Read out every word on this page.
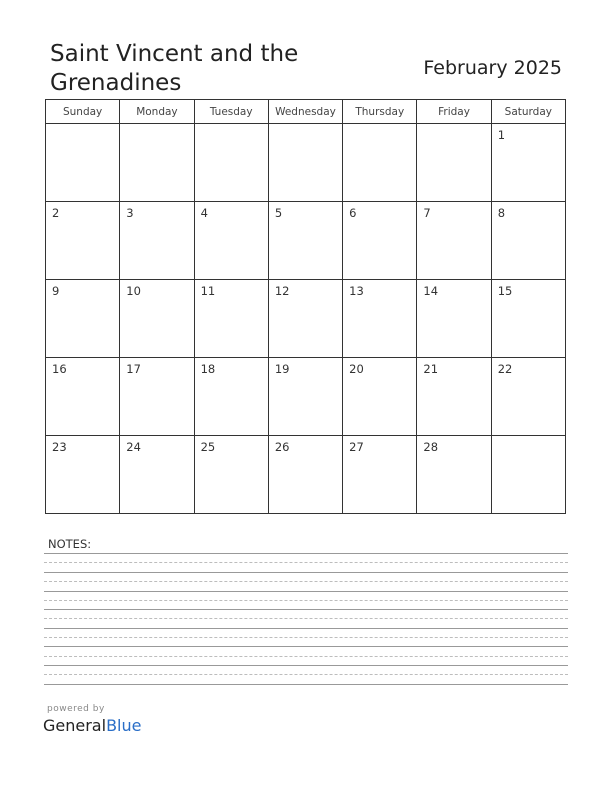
Saint Vincent and the Grenadines
February 2025
Sunday	Monday	Tuesday	Wednesday	Thursday	Friday	Saturday

						1

2	3	4	5	6	7	8

9	10	11	12	13	14	15

16	17	18	19	20	21	22

23	24	25	26	27	28	

NOTES:
powered by
GeneralBlue
